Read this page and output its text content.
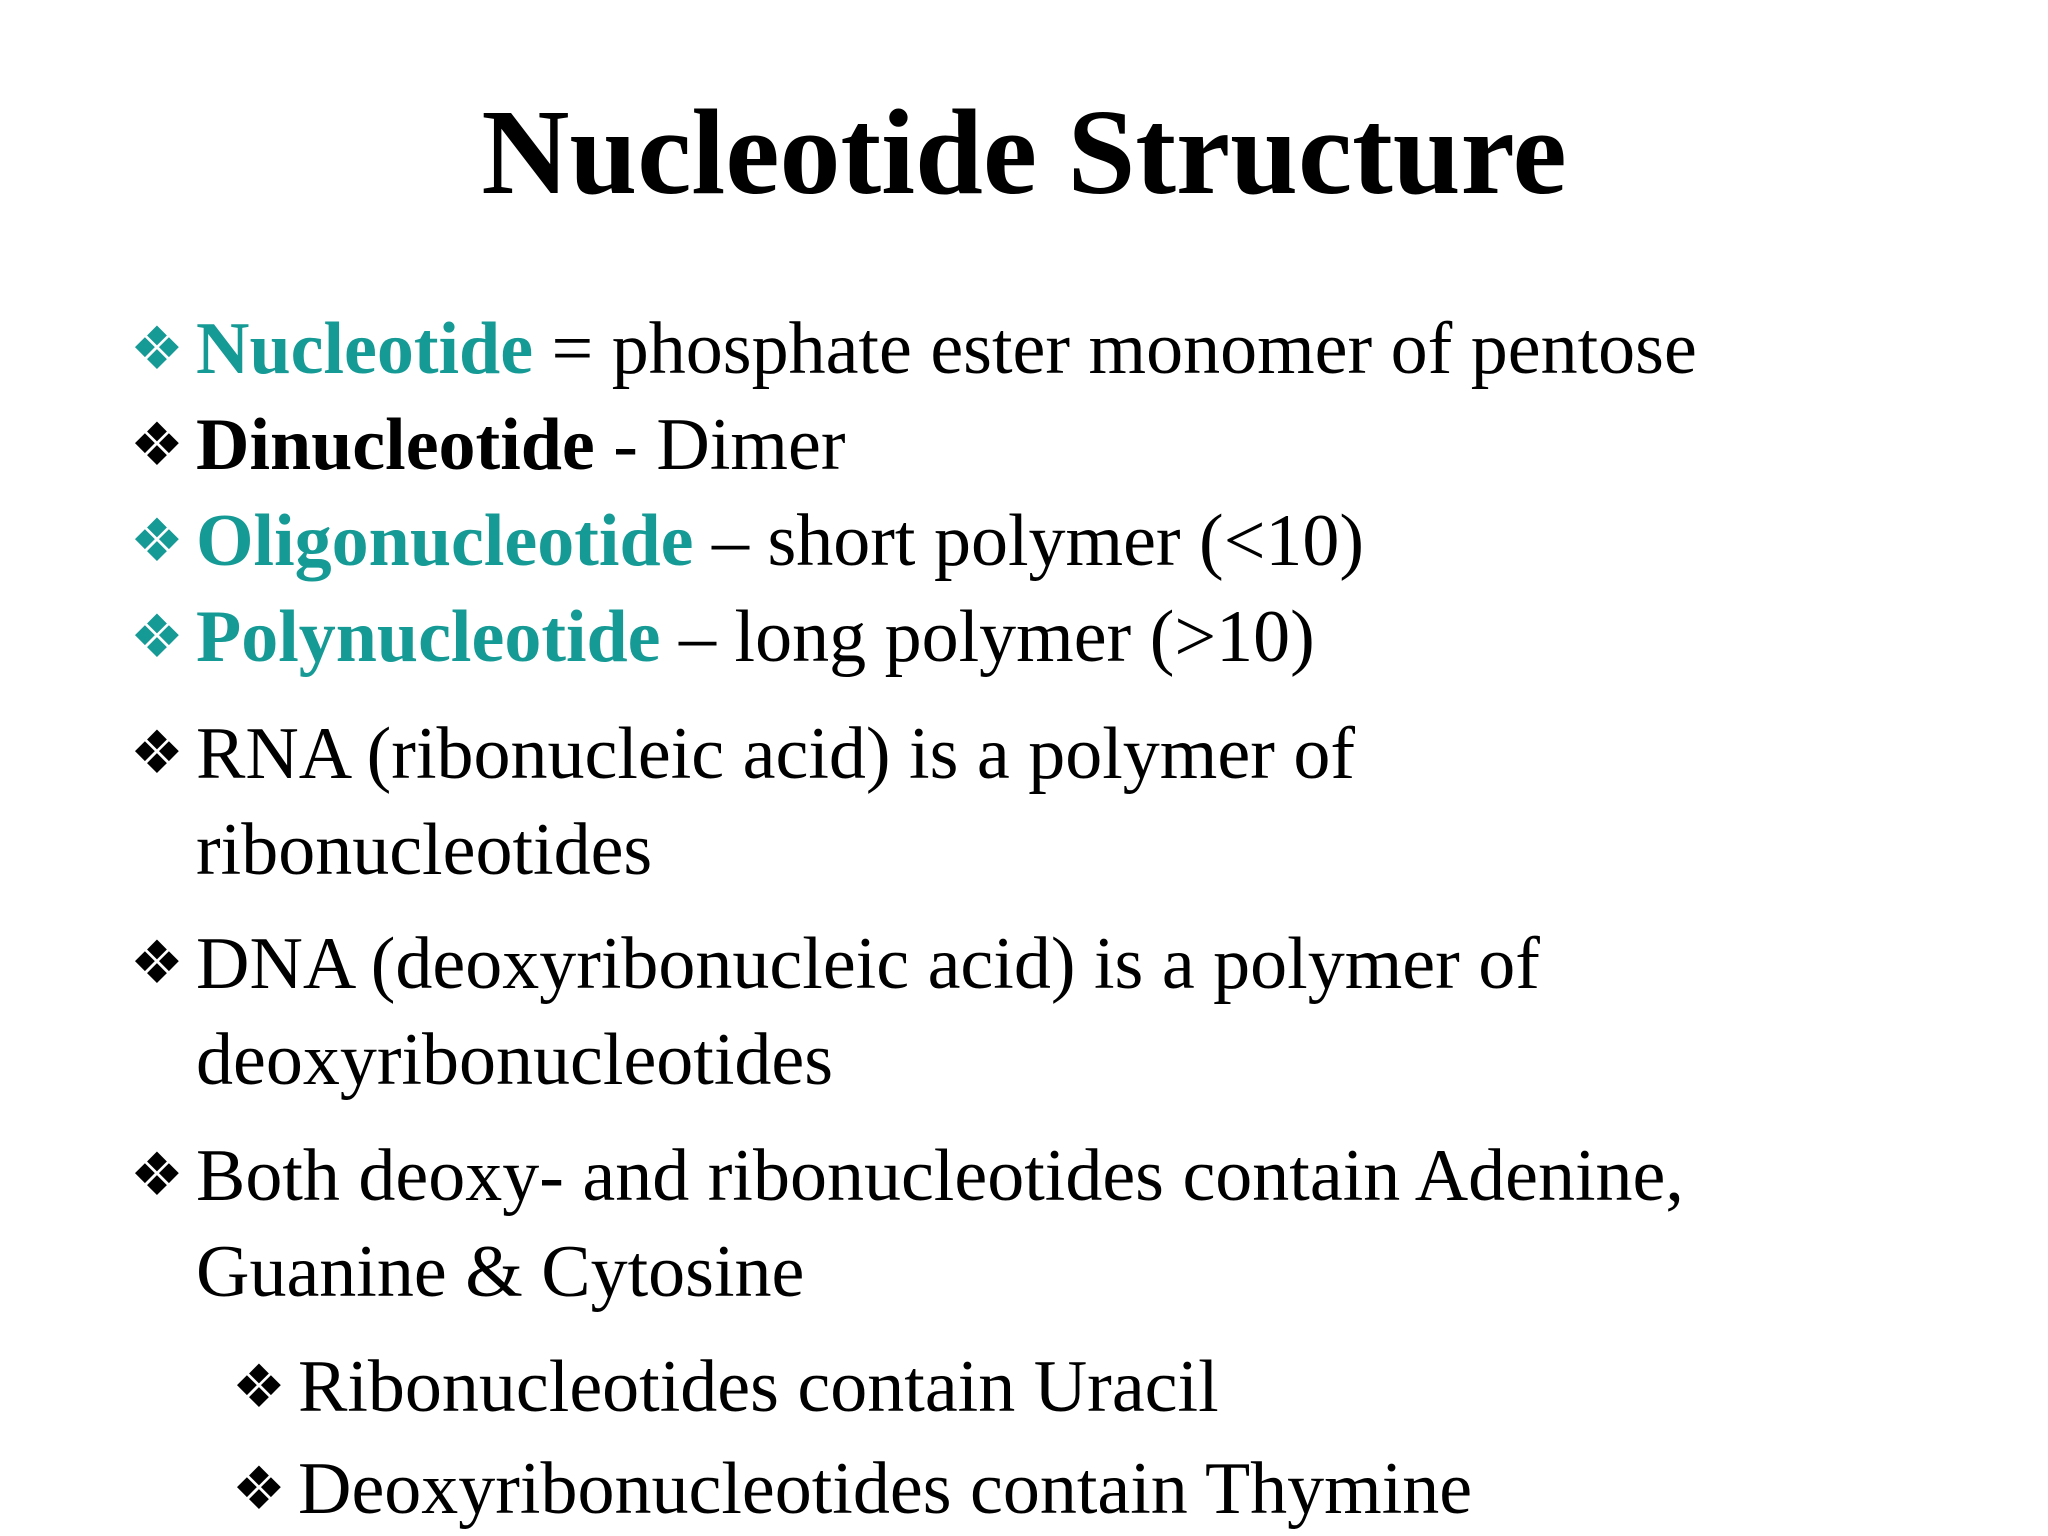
Nucleotide Structure
❖ Nucleotide = phosphate ester monomer of pentose
❖ Dinucleotide - Dimer
❖ Oligonucleotide – short polymer (<10)
❖ Polynucleotide – long polymer (>10)
❖ RNA (ribonucleic acid) is a polymer of
ribonucleotides
❖ DNA (deoxyribonucleic acid) is a polymer of
deoxyribonucleotides
❖ Both deoxy- and ribonucleotides contain Adenine,
Guanine & Cytosine
❖ Ribonucleotides contain Uracil
❖ Deoxyribonucleotides contain Thymine
